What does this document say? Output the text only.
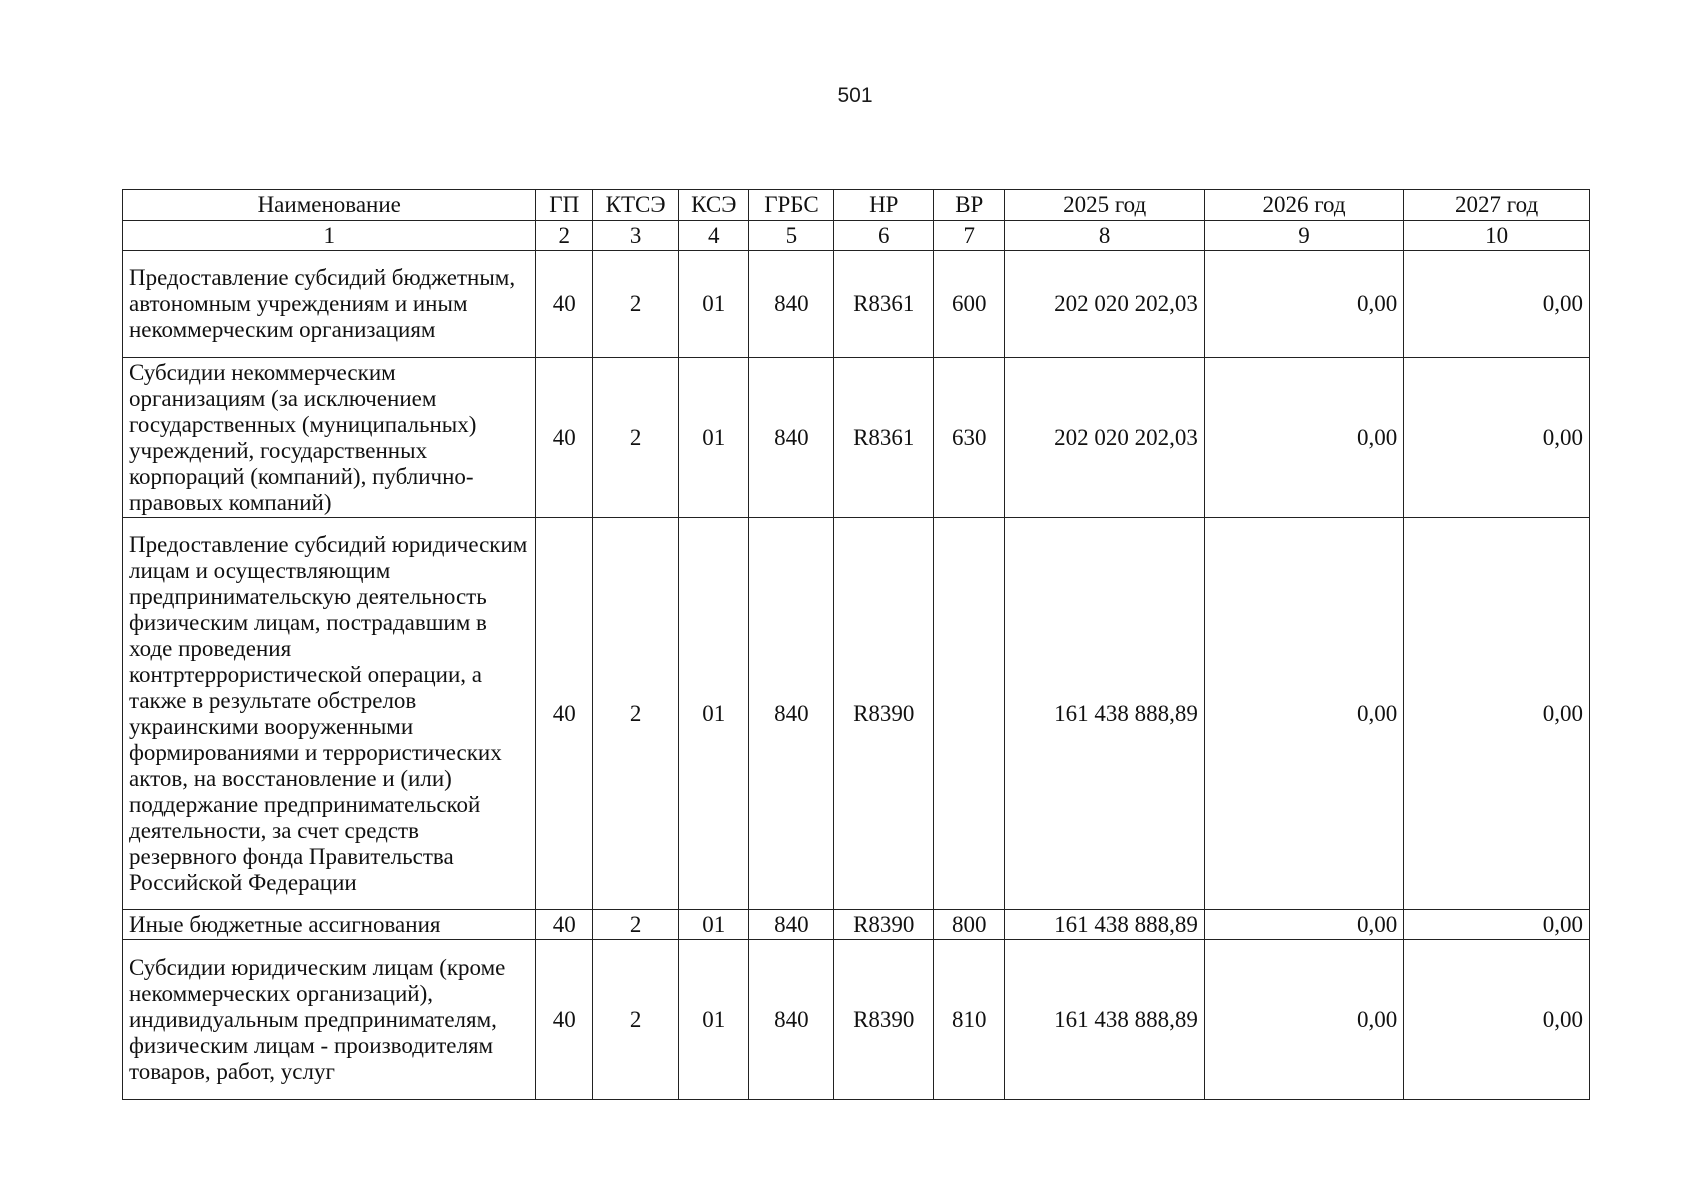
501
Наименование	ГП	КТСЭ	КСЭ	ГРБС	НР	ВР	2025 год	2026 год	2027 год
1	2	3	4	5	6	7	8	9	10
Предоставление субсидий бюджетным, автономным учреждениям и иным некоммерческим организациям	40	2	01	840	R8361	600	202 020 202,03	0,00	0,00
Субсидии некоммерческим организациям (за исключением государственных (муниципальных) учреждений, государственных корпораций (компаний), публично-правовых компаний)	40	2	01	840	R8361	630	202 020 202,03	0,00	0,00
Предоставление субсидий юридическим лицам и осуществляющим предпринимательскую деятельность физическим лицам, пострадавшим в ходе проведения контртеррористической операции, а также в результате обстрелов украинскими вооруженными формированиями и террористических актов, на восстановление и (или) поддержание предпринимательской деятельности, за счет средств резервного фонда Правительства Российской Федерации	40	2	01	840	R8390		161 438 888,89	0,00	0,00
Иные бюджетные ассигнования	40	2	01	840	R8390	800	161 438 888,89	0,00	0,00
Субсидии юридическим лицам (кроме некоммерческих организаций), индивидуальным предпринимателям, физическим лицам - производителям товаров, работ, услуг	40	2	01	840	R8390	810	161 438 888,89	0,00	0,00
